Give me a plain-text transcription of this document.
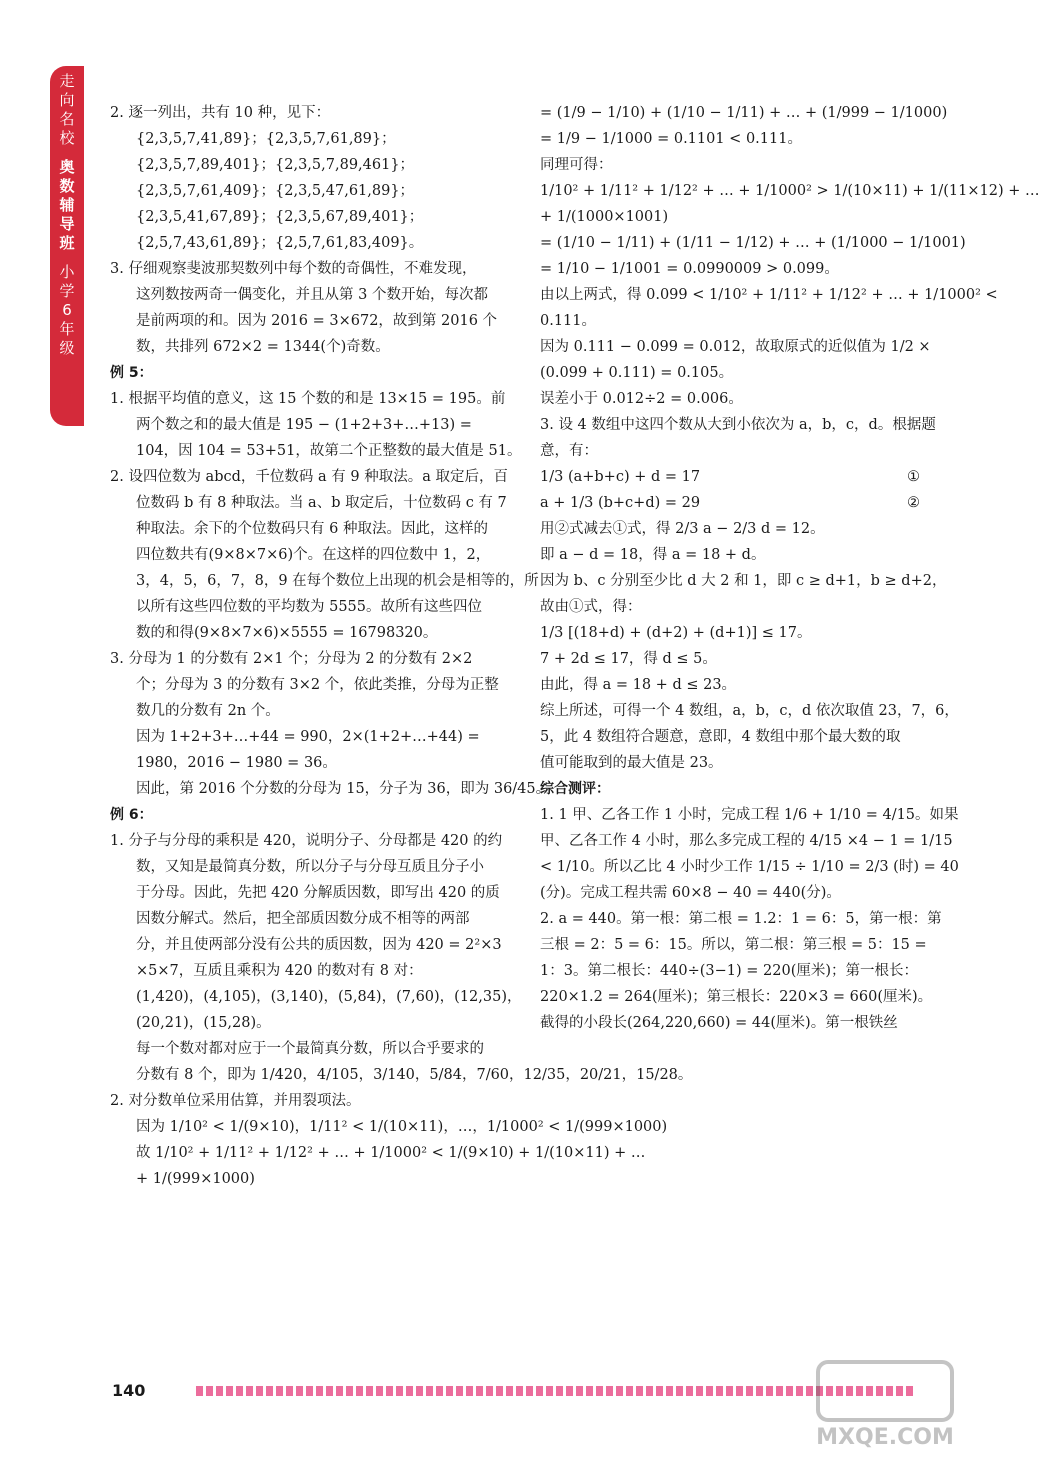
走向名校
奥数辅导班
小学6年级
2. 逐一列出，共有 10 种，见下：
{2,3,5,7,41,89}；{2,3,5,7,61,89}；
{2,3,5,7,89,401}；{2,3,5,7,89,461}；
{2,3,5,7,61,409}；{2,3,5,47,61,89}；
{2,3,5,41,67,89}；{2,3,5,67,89,401}；
{2,5,7,43,61,89}；{2,5,7,61,83,409}。
3. 仔细观察斐波那契数列中每个数的奇偶性，不难发现，
这列数按两奇一偶变化，并且从第 3 个数开始，每次都
是前两项的和。因为 2016 = 3×672，故到第 2016 个
数，共排列 672×2 = 1344(个)奇数。
例 5：
1. 根据平均值的意义，这 15 个数的和是 13×15 = 195。前
两个数之和的最大值是 195 − (1+2+3+…+13) =
104，因 104 = 53+51，故第二个正整数的最大值是 51。
2. 设四位数为 abcd，千位数码 a 有 9 种取法。a 取定后，百
位数码 b 有 8 种取法。当 a、b 取定后，十位数码 c 有 7
种取法。余下的个位数码只有 6 种取法。因此，这样的
四位数共有(9×8×7×6)个。在这样的四位数中 1，2，
3，4，5，6，7，8，9 在每个数位上出现的机会是相等的，所
以所有这些四位数的平均数为 5555。故所有这些四位
数的和得(9×8×7×6)×5555 = 16798320。
3. 分母为 1 的分数有 2×1 个；分母为 2 的分数有 2×2
个；分母为 3 的分数有 3×2 个，依此类推，分母为正整
数几的分数有 2n 个。
因为 1+2+3+…+44 = 990，2×(1+2+…+44) =
1980，2016 − 1980 = 36。
因此，第 2016 个分数的分母为 15，分子为 36，即为 36/45。
例 6：
1. 分子与分母的乘积是 420，说明分子、分母都是 420 的约
数，又知是最简真分数，所以分子与分母互质且分子小
于分母。因此，先把 420 分解质因数，即写出 420 的质
因数分解式。然后，把全部质因数分成不相等的两部
分，并且使两部分没有公共的质因数，因为 420 = 2²×3
×5×7，互质且乘积为 420 的数对有 8 对：
(1,420)，(4,105)，(3,140)，(5,84)，(7,60)，(12,35)，
(20,21)，(15,28)。
每一个数对都对应于一个最简真分数，所以合乎要求的
分数有 8 个，即为 1/420，4/105，3/140，5/84，7/60，12/35，20/21，15/28。
2. 对分数单位采用估算，并用裂项法。
因为 1/10² < 1/(9×10)，1/11² < 1/(10×11)，…，1/1000² < 1/(999×1000)
故 1/10² + 1/11² + 1/12² + … + 1/1000² < 1/(9×10) + 1/(10×11) + …
+ 1/(999×1000)
= (1/9 − 1/10) + (1/10 − 1/11) + … + (1/999 − 1/1000)
= 1/9 − 1/1000 = 0.1101 < 0.111。
同理可得：
1/10² + 1/11² + 1/12² + … + 1/1000² > 1/(10×11) + 1/(11×12) + …
+ 1/(1000×1001)
= (1/10 − 1/11) + (1/11 − 1/12) + … + (1/1000 − 1/1001)
= 1/10 − 1/1001 = 0.0990009 > 0.099。
由以上两式，得 0.099 < 1/10² + 1/11² + 1/12² + … + 1/1000² <
0.111。
因为 0.111 − 0.099 = 0.012，故取原式的近似值为 1/2 ×
(0.099 + 0.111) = 0.105。
误差小于 0.012÷2 = 0.006。
3. 设 4 数组中这四个数从大到小依次为 a，b，c，d。根据题
意，有：
①
1/3 (a+b+c) + d = 17
②
a + 1/3 (b+c+d) = 29
用②式减去①式，得 2/3 a − 2/3 d = 12。
即 a − d = 18，得 a = 18 + d。
因为 b、c 分别至少比 d 大 2 和 1，即 c ≥ d+1，b ≥ d+2，
故由①式，得：
1/3 [(18+d) + (d+2) + (d+1)] ≤ 17。
7 + 2d ≤ 17，得 d ≤ 5。
由此，得 a = 18 + d ≤ 23。
综上所述，可得一个 4 数组，a，b，c，d 依次取值 23，7，6，
5，此 4 数组符合题意，意即，4 数组中那个最大数的取
值可能取到的最大值是 23。
综合测评：
1. 1 甲、乙各工作 1 小时，完成工程 1/6 + 1/10 = 4/15。如果
甲、乙各工作 4 小时，那么多完成工程的 4/15 ×4 − 1 = 1/15
< 1/10。所以乙比 4 小时少工作 1/15 ÷ 1/10 = 2/3 (时) = 40
(分)。完成工程共需 60×8 − 40 = 440(分)。
2. a = 440。第一根：第二根 = 1.2：1 = 6：5，第一根：第
三根 = 2：5 = 6：15。所以，第二根：第三根 = 5：15 =
1：3。第二根长：440÷(3−1) = 220(厘米)；第一根长：
220×1.2 = 264(厘米)；第三根长：220×3 = 660(厘米)。
截得的小段长(264,220,660) = 44(厘米)。第一根铁丝
140
MXQE.COM
